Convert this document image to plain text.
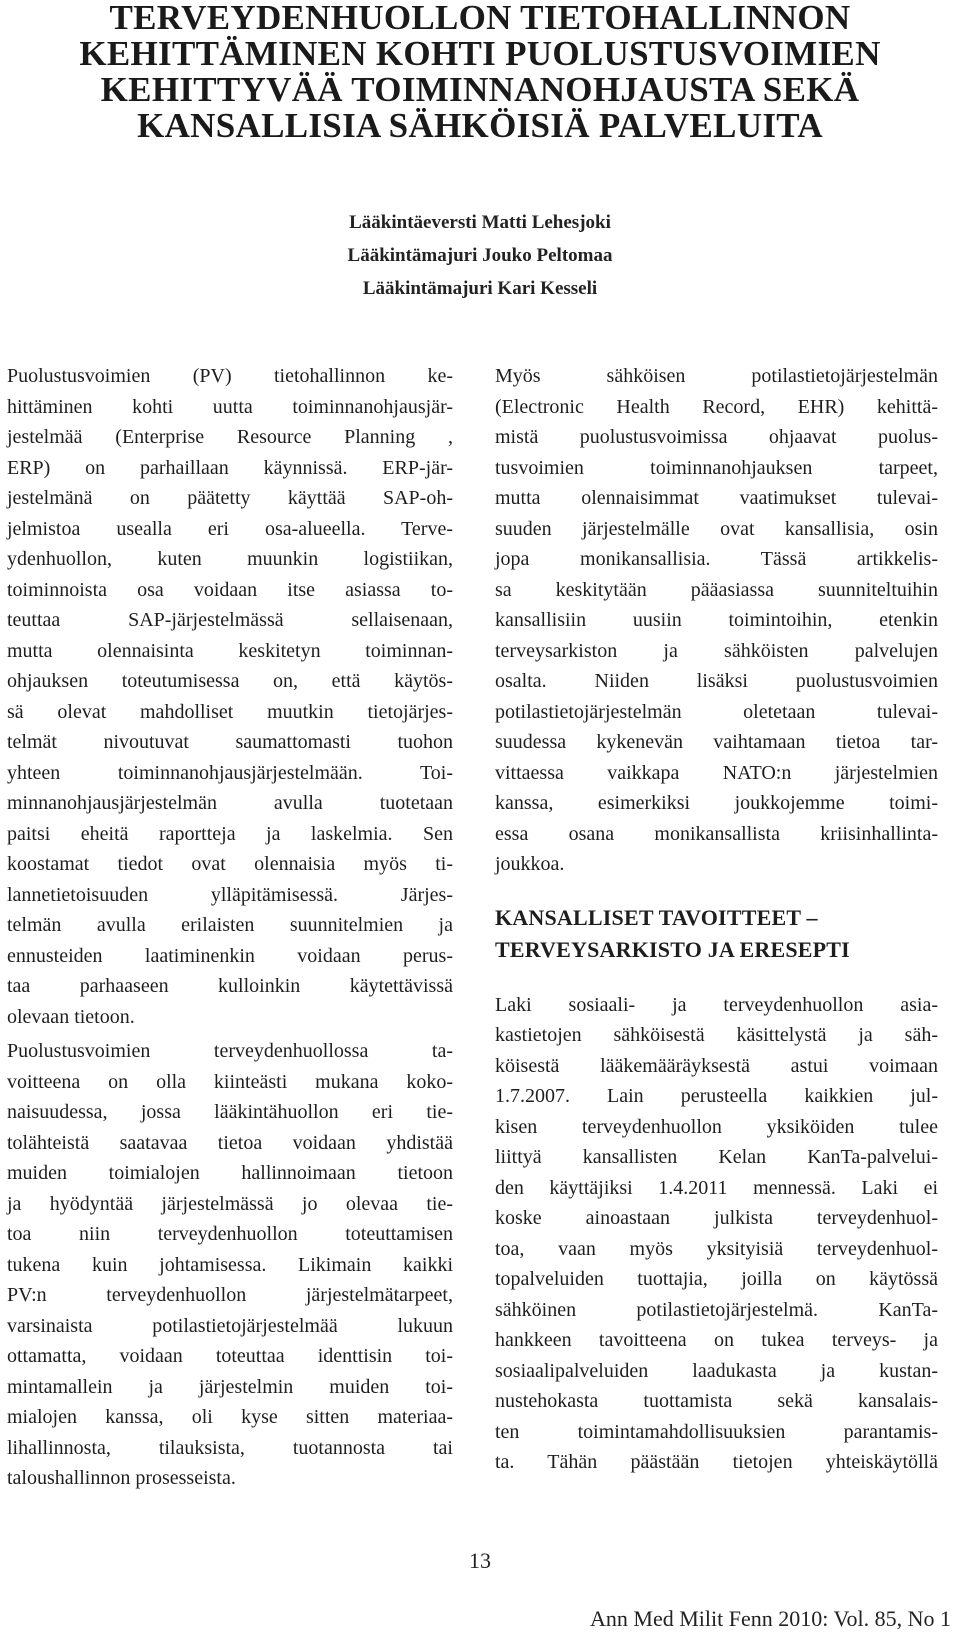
TERVEYDENHUOLLON TIETOHALLINNON
KEHITTÄMINEN KOHTI PUOLUSTUSVOIMIEN
KEHITTYVÄÄ TOIMINNANOHJAUSTA SEKÄ
KANSALLISIA SÄHKÖISIÄ PALVELUITA
Lääkintäeversti Matti Lehesjoki
Lääkintämajuri Jouko Peltomaa
Lääkintämajuri Kari Kesseli
Puolustusvoimien (PV) tietohallinnon ke-
hittäminen kohti uutta toiminnanohjausjär-
jestelmää (Enterprise Resource Planning ,
ERP) on parhaillaan käynnissä. ERP-jär-
jestelmänä on päätetty käyttää SAP-oh-
jelmistoa usealla eri osa-alueella. Terve-
ydenhuollon, kuten muunkin logistiikan,
toiminnoista osa voidaan itse asiassa to-
teuttaa SAP-järjestelmässä sellaisenaan,
mutta olennaisinta keskitetyn toiminnan-
ohjauksen toteutumisessa on, että käytös-
sä olevat mahdolliset muutkin tietojärjes-
telmät nivoutuvat saumattomasti tuohon
yhteen toiminnanohjausjärjestelmään. Toi-
minnanohjausjärjestelmän avulla tuotetaan
paitsi eheitä raportteja ja laskelmia. Sen
koostamat tiedot ovat olennaisia myös ti-
lannetietoisuuden ylläpitämisessä. Järjes-
telmän avulla erilaisten suunnitelmien ja
ennusteiden laatiminenkin voidaan perus-
taa parhaaseen kulloinkin käytettävissä
olevaan tietoon.
Puolustusvoimien terveydenhuollossa ta-
voitteena on olla kiinteästi mukana koko-
naisuudessa, jossa lääkintähuollon eri tie-
tolähteistä saatavaa tietoa voidaan yhdistää
muiden toimialojen hallinnoimaan tietoon
ja hyödyntää järjestelmässä jo olevaa tie-
toa niin terveydenhuollon toteuttamisen
tukena kuin johtamisessa. Likimain kaikki
PV:n terveydenhuollon järjestelmätarpeet,
varsinaista potilastietojärjestelmää lukuun
ottamatta, voidaan toteuttaa identtisin toi-
mintamallein ja järjestelmin muiden toi-
mialojen kanssa, oli kyse sitten materiaa-
lihallinnosta, tilauksista, tuotannosta tai
taloushallinnon prosesseista.
Myös sähköisen potilastietojärjestelmän
(Electronic Health Record, EHR) kehittä-
mistä puolustusvoimissa ohjaavat puolus-
tusvoimien toiminnanohjauksen tarpeet,
mutta olennaisimmat vaatimukset tulevai-
suuden järjestelmälle ovat kansallisia, osin
jopa monikansallisia. Tässä artikkelis-
sa keskitytään pääasiassa suunniteltuihin
kansallisiin uusiin toimintoihin, etenkin
terveysarkiston ja sähköisten palvelujen
osalta. Niiden lisäksi puolustusvoimien
potilastietojärjestelmän oletetaan tulevai-
suudessa kykenevän vaihtamaan tietoa tar-
vittaessa vaikkapa NATO:n järjestelmien
kanssa, esimerkiksi joukkojemme toimi-
essa osana monikansallista kriisinhallinta-
joukkoa.
KANSALLISET TAVOITTEET –
TERVEYSARKISTO JA ERESEPTI
Laki sosiaali- ja terveydenhuollon asia-
kastietojen sähköisestä käsittelystä ja säh-
köisestä lääkemääräyksestä astui voimaan
1.7.2007. Lain perusteella kaikkien jul-
kisen terveydenhuollon yksiköiden tulee
liittyä kansallisten Kelan KanTa-palvelui-
den käyttäjiksi 1.4.2011 mennessä. Laki ei
koske ainoastaan julkista terveydenhuol-
toa, vaan myös yksityisiä terveydenhuol-
topalveluiden tuottajia, joilla on käytössä
sähköinen potilastietojärjestelmä. KanTa-
hankkeen tavoitteena on tukea terveys- ja
sosiaalipalveluiden laadukasta ja kustan-
nustehokasta tuottamista sekä kansalais-
ten toimintamahdollisuuksien parantamis-
ta. Tähän päästään tietojen yhteiskäytöllä
13
Ann Med Milit Fenn 2010: Vol. 85, No 1
